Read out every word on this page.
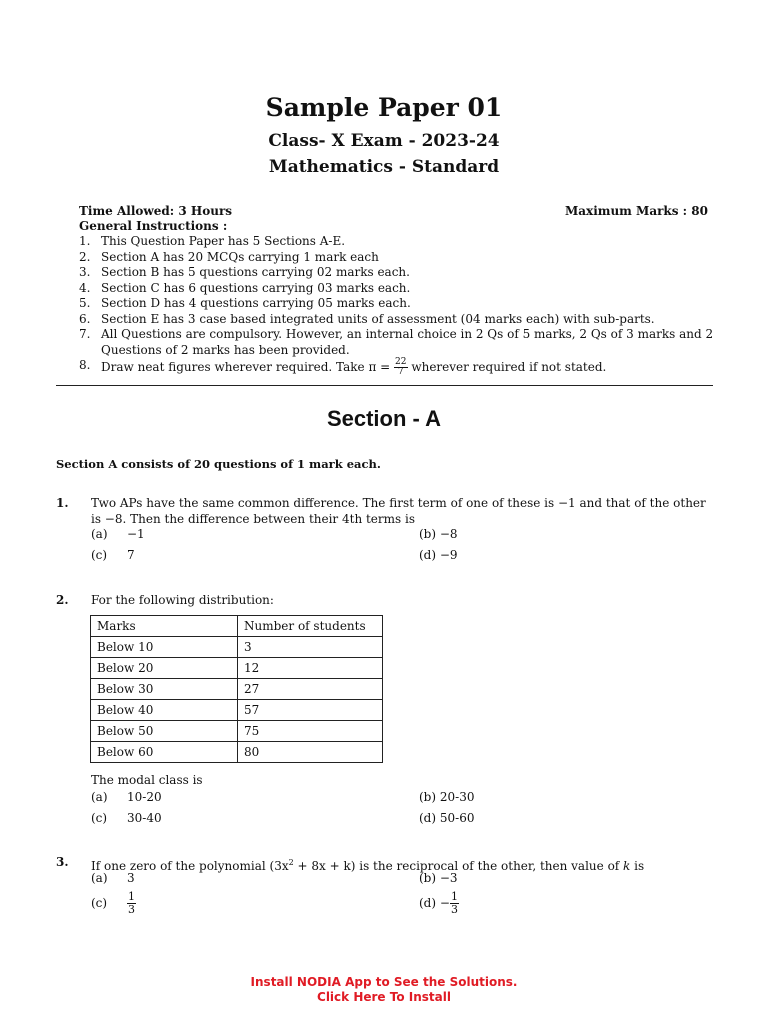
Sample Paper 01
Class- X Exam - 2023-24
Mathematics - Standard
Time Allowed: 3 Hours	Maximum Marks : 80
General Instructions :
1. This Question Paper has 5 Sections A-E.
2. Section A has 20 MCQs carrying 1 mark each
3. Section B has 5 questions carrying 02 marks each.
4. Section C has 6 questions carrying 03 marks each.
5. Section D has 4 questions carrying 05 marks each.
6. Section E has 3 case based integrated units of assessment (04 marks each) with sub-parts.
7. All Questions are compulsory. However, an internal choice in 2 Qs of 5 marks, 2 Qs of 3 marks and 2 Questions of 2 marks has been provided.
8. Draw neat figures wherever required. Take $\pi = \frac{22}{7}$ wherever required if not stated.
Section - A
Section A consists of 20 questions of 1 mark each.
1. Two APs have the same common difference. The first term of one of these is −1 and that of the other is −8. Then the difference between their 4th terms is
(a) −1	(b) −8
(c) 7	(d) −9
2. For the following distribution:
Marks	Number of students
Below 10	3
Below 20	12
Below 30	27
Below 40	57
Below 50	75
Below 60	80
The modal class is
(a) 10-20	(b) 20-30
(c) 30-40	(d) 50-60
3. If one zero of the polynomial $(3x^2 + 8x + k)$ is the reciprocal of the other, then value of k is
(a) 3	(b) −3
$(c) \frac{1}{3}$	$(d) - \frac{1}{3}$
Install NODIA App to See the Solutions.
Click Here To Install
